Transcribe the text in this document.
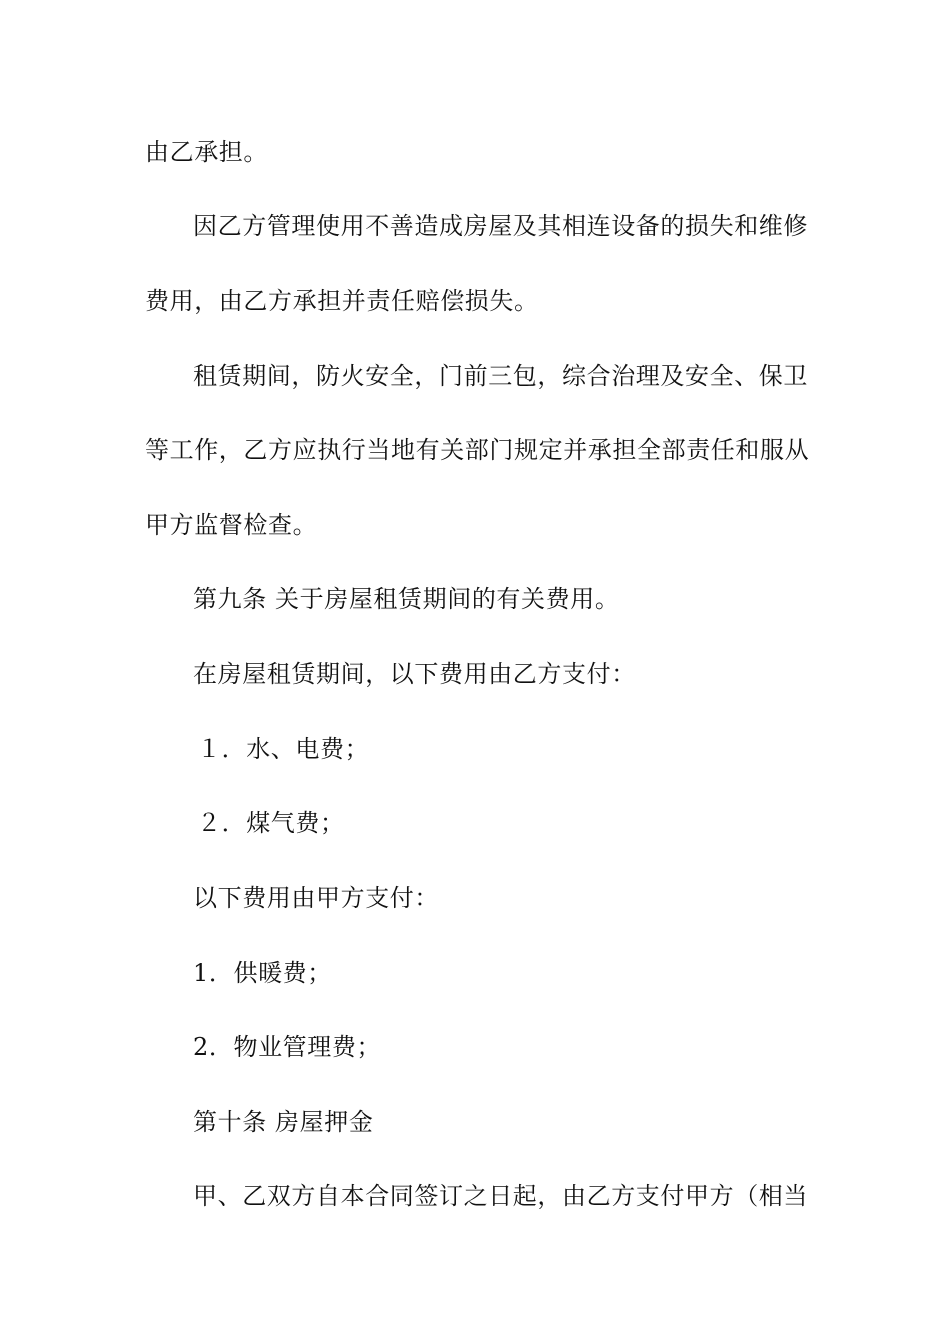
由乙承担。
因乙方管理使用不善造成房屋及其相连设备的损失和维修
费用，由乙方承担并责任赔偿损失。
租赁期间，防火安全，门前三包，综合治理及安全、保卫
等工作，乙方应执行当地有关部门规定并承担全部责任和服从
甲方监督检查。
第九条 关于房屋租赁期间的有关费用。
在房屋租赁期间，以下费用由乙方支付：
１．水、电费；
２．煤气费；
以下费用由甲方支付：
1．供暖费；
2．物业管理费；
第十条 房屋押金
甲、乙双方自本合同签订之日起，由乙方支付甲方（相当
